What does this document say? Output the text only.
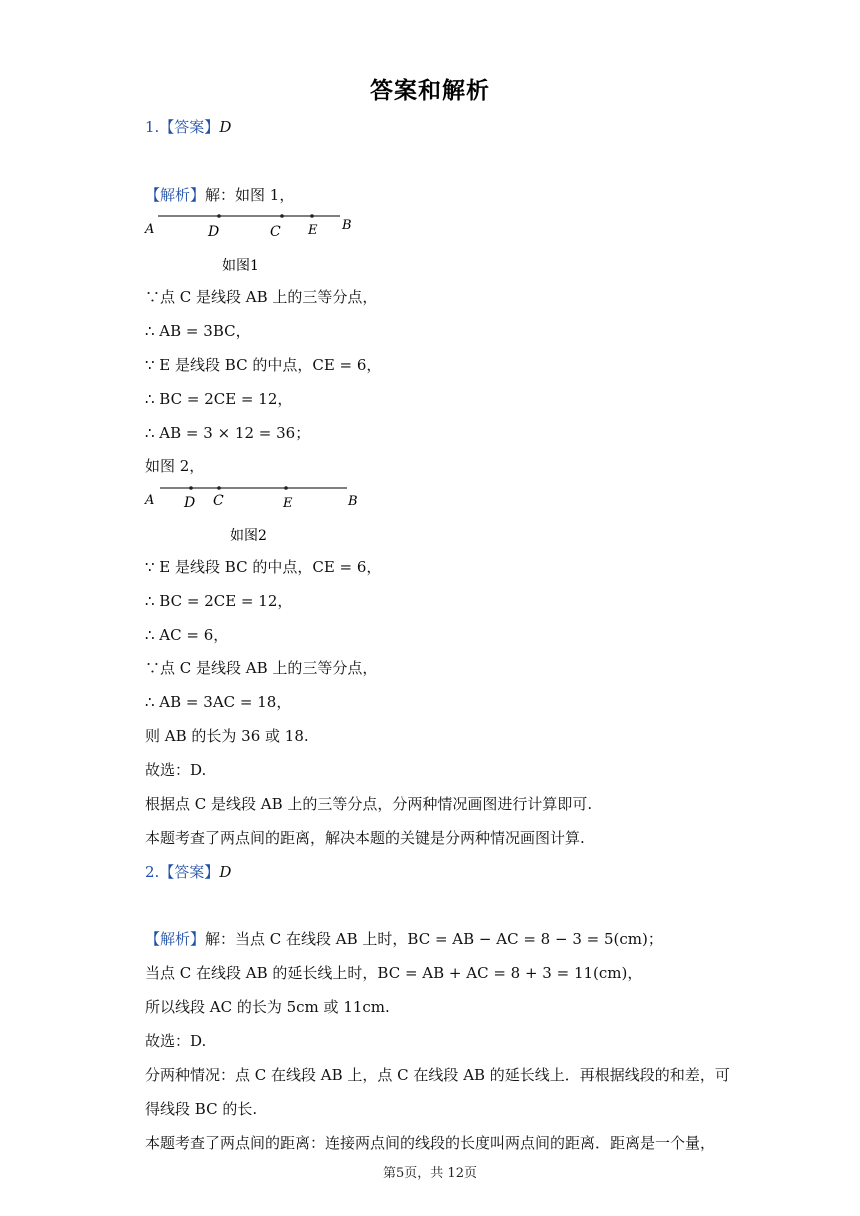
答案和解析
1.【答案】D
【解析】解：如图 1，
A	D	C E B
如图1
∵点 C 是线段 AB 上的三等分点，
∴ AB = 3BC，
∵ E 是线段 BC 的中点，CE = 6，
∴ BC = 2CE = 12，
∴ AB = 3 × 12 = 36；
如图 2，
A D C	E	B
如图2
∵ E 是线段 BC 的中点，CE = 6，
∴ BC = 2CE = 12，
∴ AC = 6，
∵点 C 是线段 AB 上的三等分点，
∴ AB = 3AC = 18，
则 AB 的长为 36 或 18.
故选：D.
根据点 C 是线段 AB 上的三等分点，分两种情况画图进行计算即可.
本题考查了两点间的距离，解决本题的关键是分两种情况画图计算.
2.【答案】D
【解析】解：当点 C 在线段 AB 上时，BC = AB − AC = 8 − 3 = 5(cm)；
当点 C 在线段 AB 的延长线上时，BC = AB + AC = 8 + 3 = 11(cm)，
所以线段 AC 的长为 5cm 或 11cm.
故选：D.
分两种情况：点 C 在线段 AB 上，点 C 在线段 AB 的延长线上．再根据线段的和差，可
得线段 BC 的长.
本题考查了两点间的距离：连接两点间的线段的长度叫两点间的距离．距离是一个量，
第5页，共 12页
